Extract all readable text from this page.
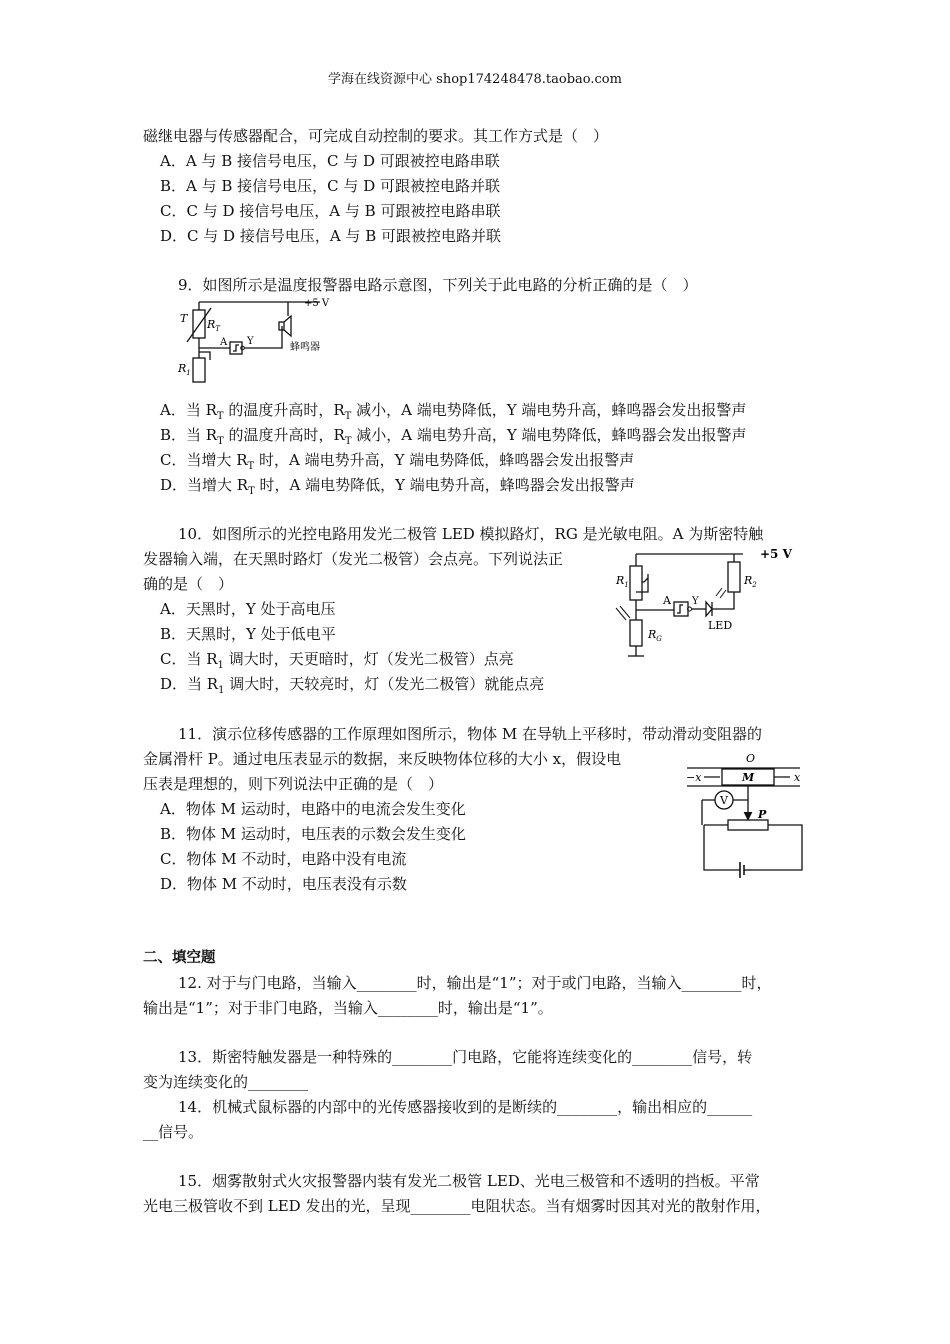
学海在线资源中心 shop174248478.taobao.com
磁继电器与传感器配合，可完成自动控制的要求。其工作方式是（　）
A．A 与 B 接信号电压，C 与 D 可跟被控电路串联
B．A 与 B 接信号电压，C 与 D 可跟被控电路并联
C．C 与 D 接信号电压，A 与 B 可跟被控电路串联
D．C 与 D 接信号电压，A 与 B 可跟被控电路并联
9．如图所示是温度报警器电路示意图，下列关于此电路的分析正确的是（　）
T $R_T$
$R_1$
A Y
+5 V
蜂鸣器
A．当 $R_T$ 的温度升高时，$R_T$ 减小，A 端电势降低，Y 端电势升高，蜂鸣器会发出报警声
B．当 $R_T$ 的温度升高时，$R_T$ 减小，A 端电势升高，Y 端电势降低，蜂鸣器会发出报警声
C．当增大 $R_T$ 时，A 端电势升高，Y 端电势降低，蜂鸣器会发出报警声
D．当增大 $R_T$ 时，A 端电势降低，Y 端电势升高，蜂鸣器会发出报警声
10．如图所示的光控电路用发光二极管 LED 模拟路灯，RG 是光敏电阻。A 为斯密特触
发器输入端，在天黑时路灯（发光二极管）会点亮。下列说法正
确的是（　）
A．天黑时，Y 处于高电压
B．天黑时，Y 处于低电平
C．当 $R_1$ 调大时，天更暗时，灯（发光二极管）点亮
D．当 $R_1$ 调大时，天较亮时，灯（发光二极管）就能点亮
+5 V
$R_1$	$R_2$
$R_G$
A Y
LED
11．演示位移传感器的工作原理如图所示，物体 M 在导轨上平移时，带动滑动变阻器的
金属滑杆 P。通过电压表显示的数据，来反映物体位移的大小 x，假设电
压表是理想的，则下列说法中正确的是（　）
A．物体 M 运动时，电路中的电流会发生变化
B．物体 M 运动时，电压表的示数会发生变化
C．物体 M 不动时，电路中没有电流
D．物体 M 不动时，电压表没有示数
V
O
M
−x	x
P
二、填空题
12. 对于与门电路，当输入________时，输出是“1”；对于或门电路，当输入________时，
输出是“1”；对于非门电路，当输入________时，输出是“1”。
13．斯密特触发器是一种特殊的________门电路，它能将连续变化的________信号，转
变为连续变化的________
14．机械式鼠标器的内部中的光传感器接收到的是断续的________，输出相应的______
__信号。
15．烟雾散射式火灾报警器内装有发光二极管 LED、光电三极管和不透明的挡板。平常
光电三极管收不到 LED 发出的光，呈现________电阻状态。当有烟雾时因其对光的散射作用，
